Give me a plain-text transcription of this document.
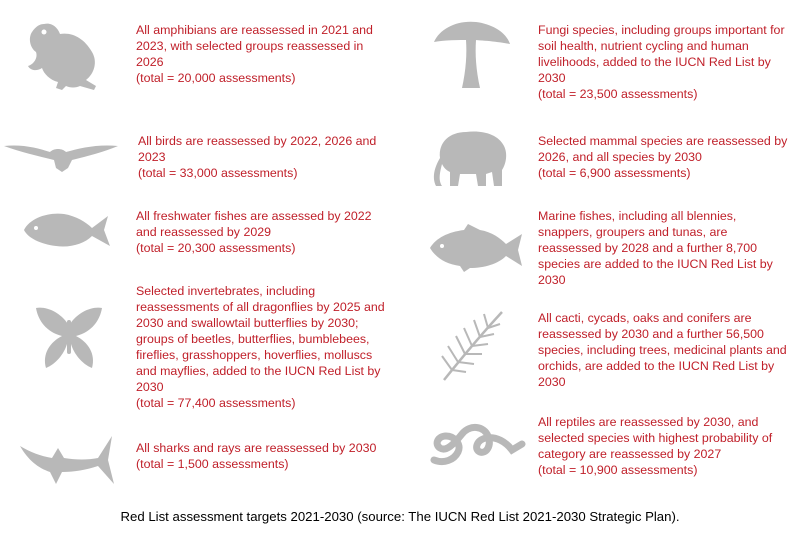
All amphibians are reassessed in 2021 and 2023, with selected groups reassessed in 2026
(total = 20,000 assessments)
Fungi species, including groups important for soil health, nutrient cycling and human livelihoods, added to the IUCN Red List by 2030
(total = 23,500 assessments)
All birds are reassessed by 2022, 2026 and 2023
(total = 33,000 assessments)
Selected mammal species are reassessed by 2026, and all species by 2030
(total = 6,900 assessments)
All freshwater fishes are assessed by 2022 and reassessed by 2029
(total = 20,300 assessments)
Marine fishes, including all blennies, snappers, groupers and tunas, are reassessed by 2028 and a further 8,700 species are added to the IUCN Red List by 2030
Selected invertebrates, including reassessments of all dragonflies by 2025 and 2030 and swallowtail butterflies by 2030; groups of beetles, butterflies, bumblebees, fireflies, grasshoppers, hoverflies, molluscs and mayflies, added to the IUCN Red List by 2030
(total = 77,400 assessments)
All cacti, cycads, oaks and conifers are reassessed by 2030 and a further 56,500 species, including trees, medicinal plants and orchids, are added to the IUCN Red List by 2030
All sharks and rays are reassessed by 2030
(total = 1,500 assessments)
All reptiles are reassessed by 2030, and selected species with highest probability of category are reassessed by 2027
(total = 10,900 assessments)
Red List assessment targets 2021-2030 (source: The IUCN Red List 2021-2030 Strategic Plan).
